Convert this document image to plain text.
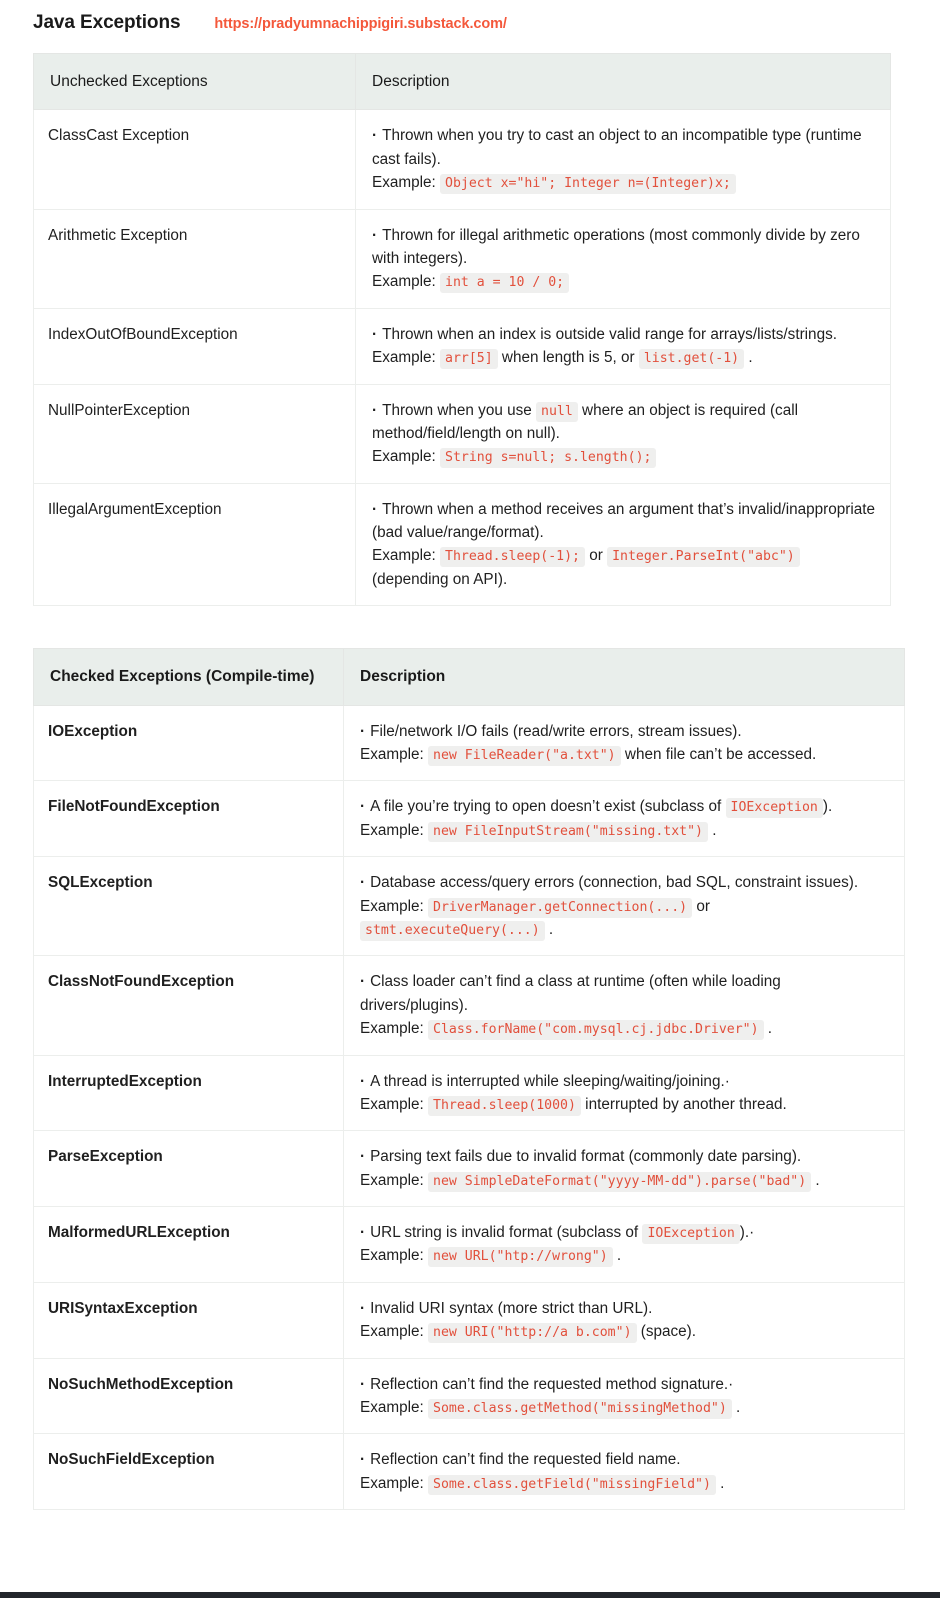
Java Exceptions https://pradyumnachippigiri.substack.com/
Unchecked Exceptions	Description
ClassCast Exception	· Thrown when you try to cast an object to an incompatible type (runtime cast fails).

Example: Object x="hi"; Integer n=(Integer)x;

Arithmetic Exception	· Thrown for illegal arithmetic operations (most commonly divide by zero with integers).

Example: int a = 10 / 0;

IndexOutOfBoundException	· Thrown when an index is outside valid range for arrays/lists/strings.

Example: arr[5] when length is 5, or list.get(-1) .

NullPointerException	· Thrown when you use null where an object is required (call method/field/length on null).

Example: String s=null; s.length();

IllegalArgumentException	· Thrown when a method receives an argument that’s invalid/inappropriate (bad value/range/format).

Example: Thread.sleep(-1); or Integer.ParseInt("abc") (depending on API).

Checked Exceptions (Compile-time)	Description
IOException	· File/network I/O fails (read/write errors, stream issues).

Example: new FileReader("a.txt") when file can’t be accessed.

FileNotFoundException	· A file you’re trying to open doesn’t exist (subclass of IOException ).

Example: new FileInputStream("missing.txt") .

SQLException	· Database access/query errors (connection, bad SQL, constraint issues).

Example: DriverManager.getConnection(...) or stmt.executeQuery(...) .

ClassNotFoundException	· Class loader can’t find a class at runtime (often while loading drivers/plugins).

Example: Class.forName("com.mysql.cj.jdbc.Driver") .

InterruptedException	· A thread is interrupted while sleeping/waiting/joining.·

Example: Thread.sleep(1000) interrupted by another thread.

ParseException	· Parsing text fails due to invalid format (commonly date parsing).

Example: new SimpleDateFormat("yyyy-MM-dd").parse("bad") .

MalformedURLException	· URL string is invalid format (subclass of IOException ).·

Example: new URL("htp://wrong") .

URISyntaxException	· Invalid URI syntax (more strict than URL).

Example: new URI("http://a b.com") (space).

NoSuchMethodException	· Reflection can’t find the requested method signature.·

Example: Some.class.getMethod("missingMethod") .

NoSuchFieldException	· Reflection can’t find the requested field name.

Example: Some.class.getField("missingField") .
